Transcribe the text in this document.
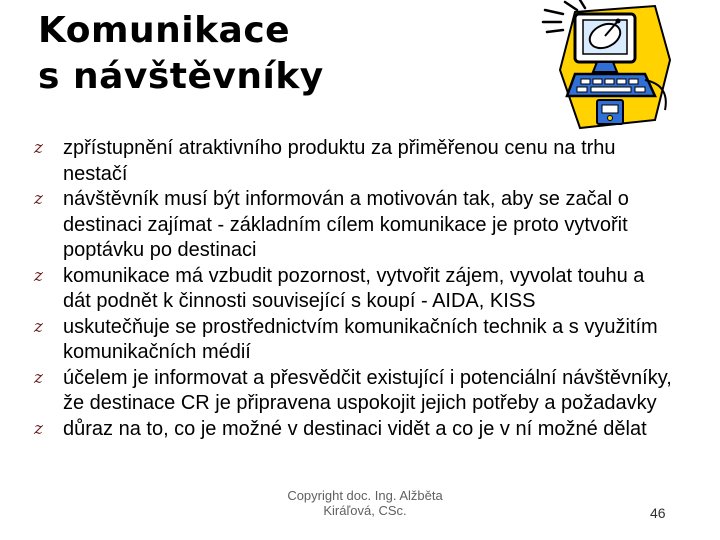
Komunikace
s návštěvníky
z zpřístupnění atraktivního produktu za přiměřenou cenu na trhu nestačí
z návštěvník musí být informován a motivován tak, aby se začal o destinaci zajímat - základním cílem komunikace je proto vytvořit poptávku po destinaci
z komunikace má vzbudit pozornost, vytvořit zájem, vyvolat touhu a dát podnět k činnosti související s koupí - AIDA, KISS
z uskutečňuje se prostřednictvím komunikačních technik a s využitím komunikačních médií
z účelem je informovat a přesvědčit existující i potenciální návštěvníky, že destinace CR je připravena uspokojit jejich potřeby a požadavky
z důraz na to, co je možné v destinaci vidět a co je v ní možné dělat
Copyright doc. Ing. Alžběta
Kiráľová, CSc.	46
